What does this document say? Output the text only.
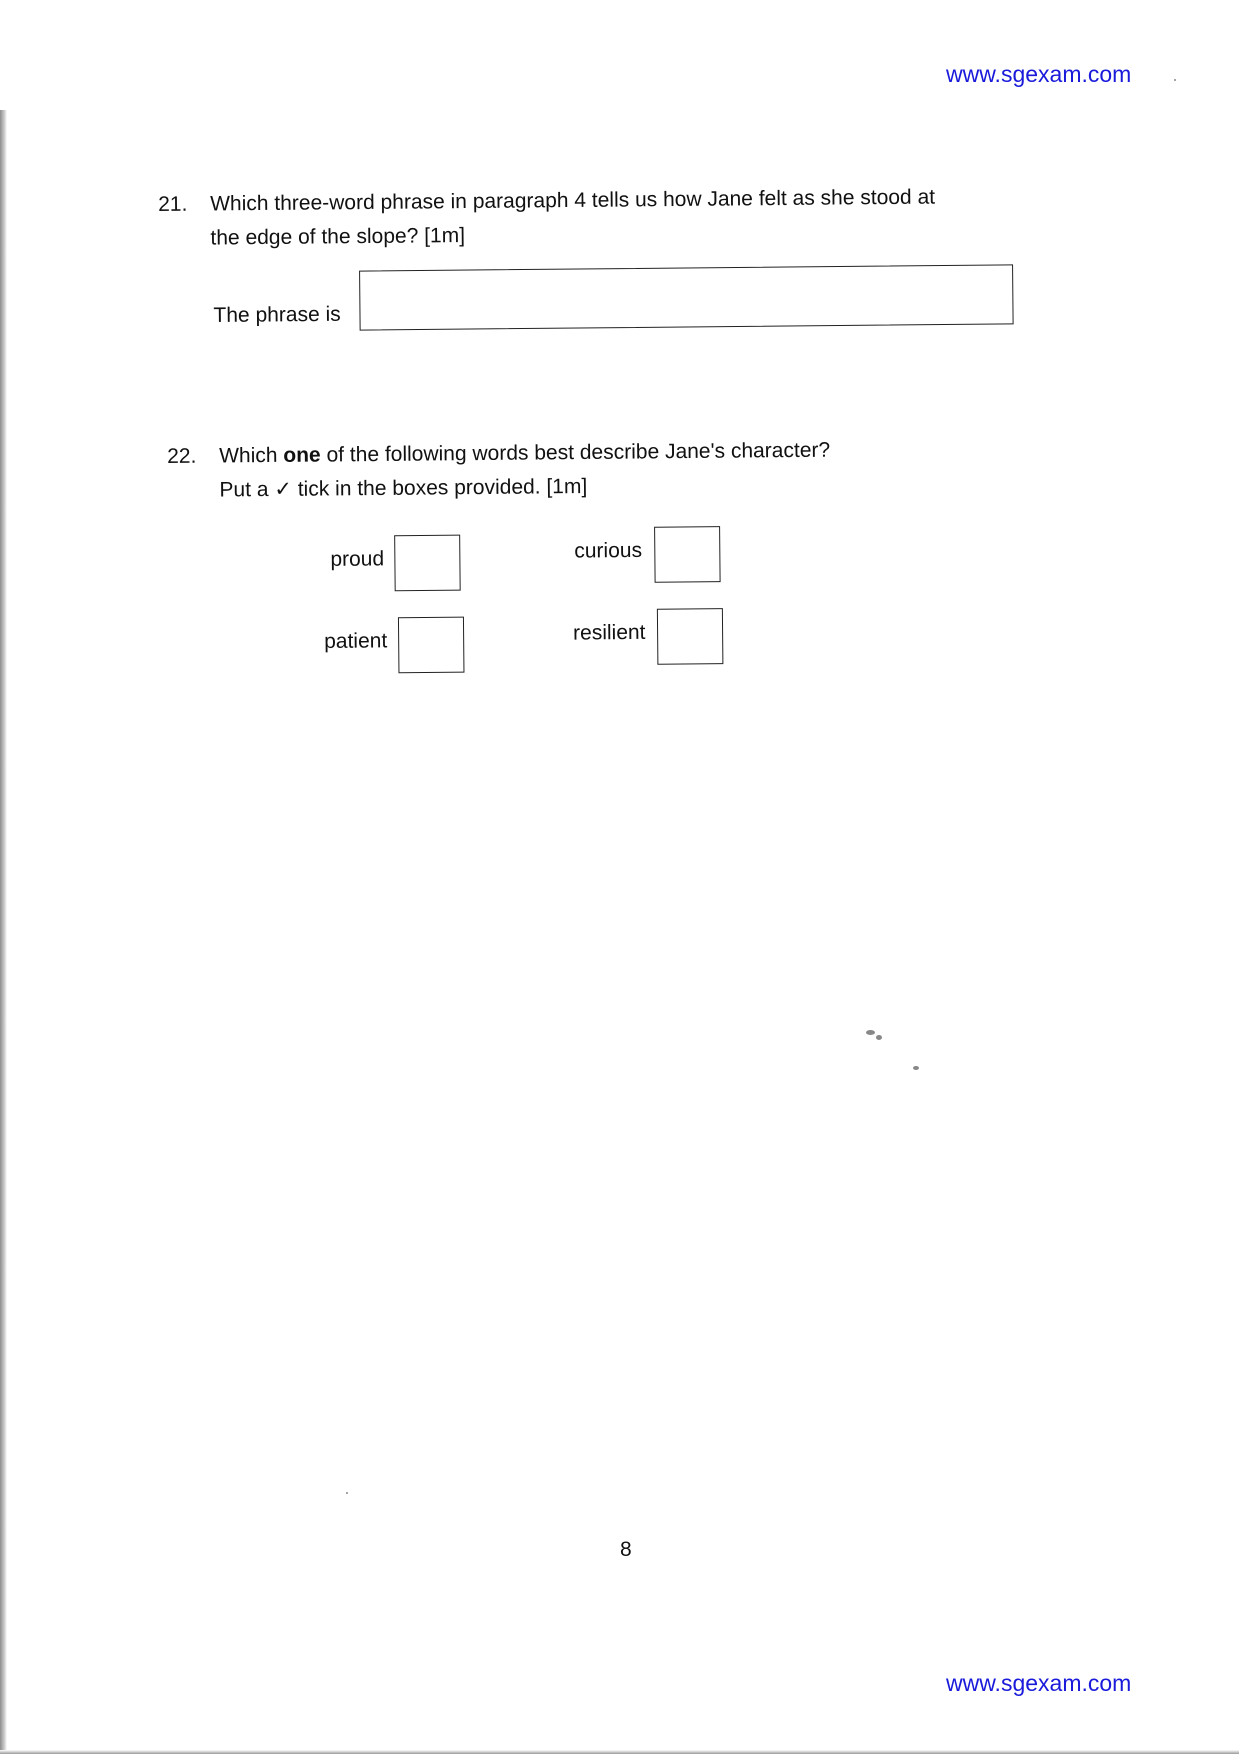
www.sgexam.com
21. Which three-word phrase in paragraph 4 tells us how Jane felt as she stood at
the edge of the slope? [1m]
The phrase is
22. Which one of the following words best describe Jane's character?
Put a ✓ tick in the boxes provided. [1m]
proud	curious
patient	resilient
8
www.sgexam.com
